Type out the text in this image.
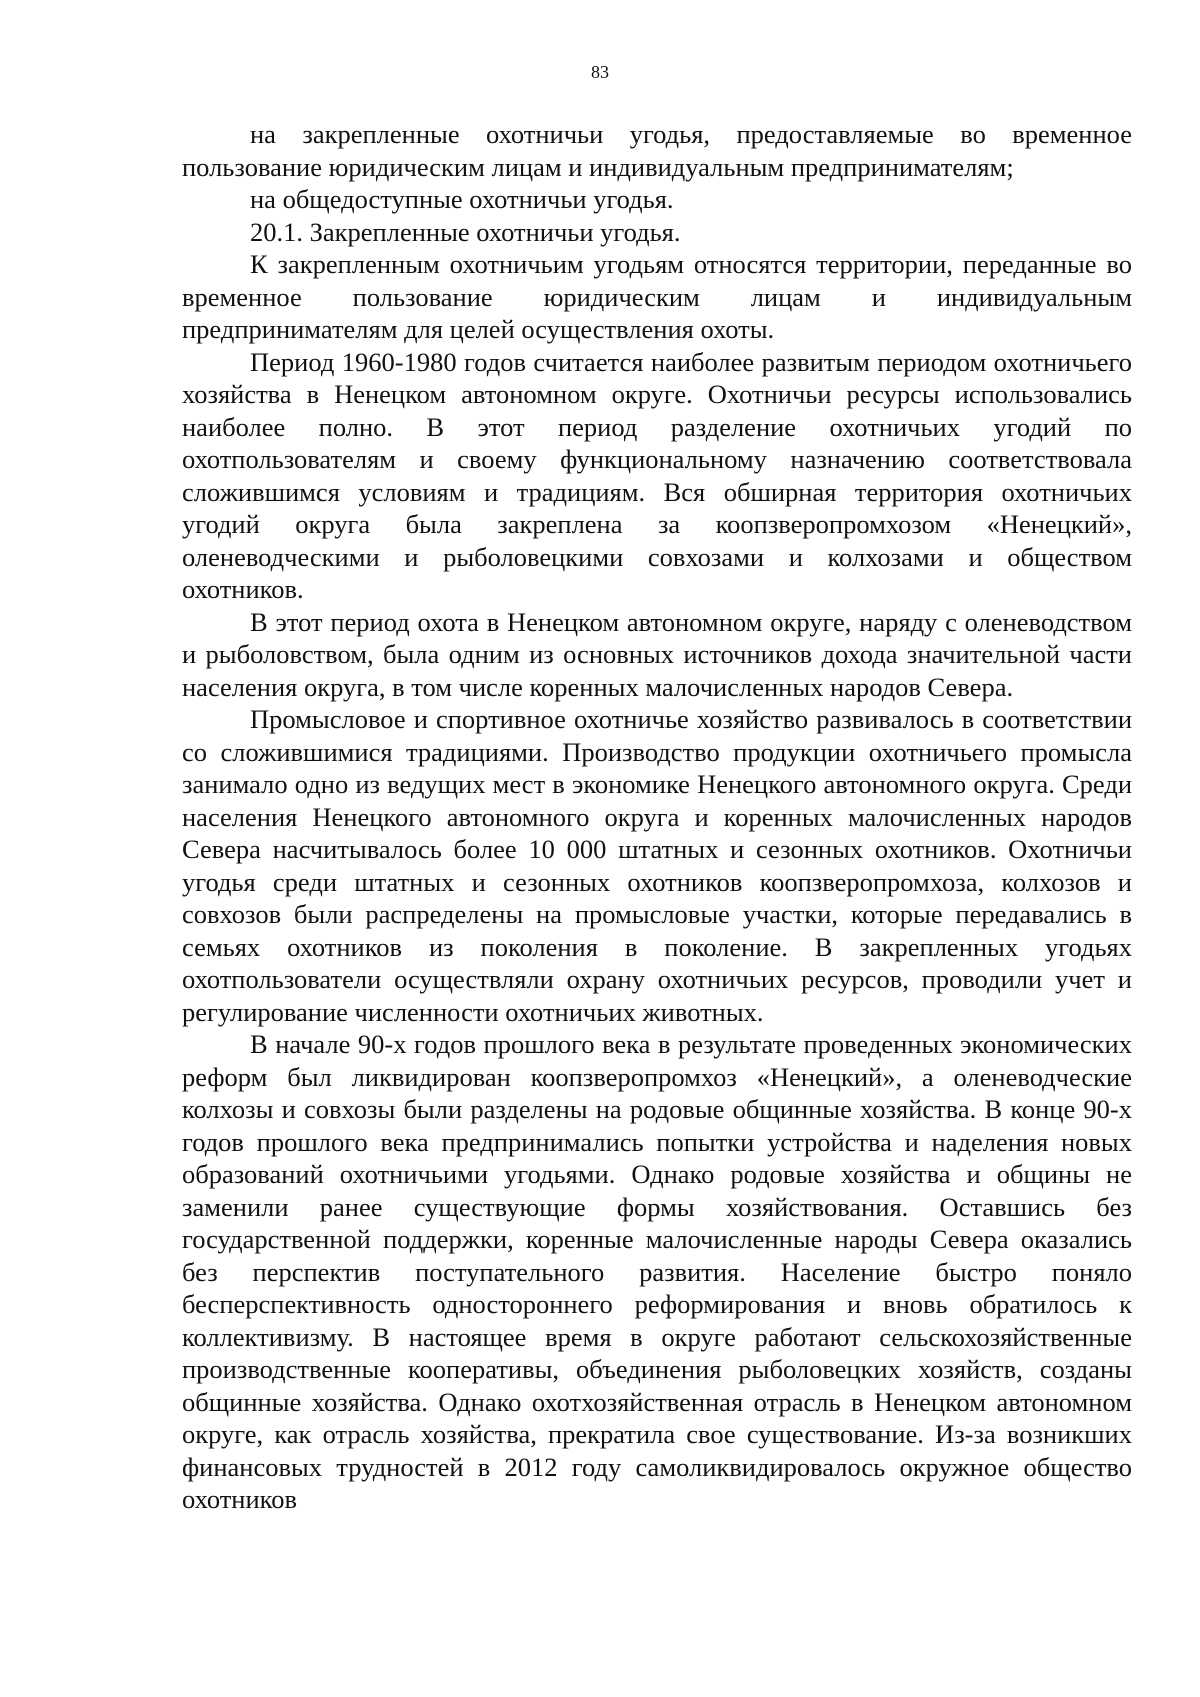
83

на закрепленные охотничьи угодья, предоставляемые во временное пользование юридическим лицам и индивидуальным предпринимателям;

на общедоступные охотничьи угодья.

20.1. Закрепленные охотничьи угодья.

К закрепленным охотничьим угодьям относятся территории, переданные во временное пользование юридическим лицам и индивидуальным предпринимателям для целей осуществления охоты.

Период 1960-1980 годов считается наиболее развитым периодом охотничьего хозяйства в Ненецком автономном округе. Охотничьи ресурсы использовались наиболее полно. В этот период разделение охотничьих угодий по охотпользователям и своему функциональному назначению соответствовала сложившимся условиям и традициям. Вся обширная территория охотничьих угодий округа была закреплена за коопзверопромхозом «Ненецкий», оленеводческими и рыболовецкими совхозами и колхозами и обществом охотников.

В этот период охота в Ненецком автономном округе, наряду с оленеводством и рыболовством, была одним из основных источников дохода значительной части населения округа, в том числе коренных малочисленных народов Севера.

Промысловое и спортивное охотничье хозяйство развивалось в соответствии со сложившимися традициями. Производство продукции охотничьего промысла занимало одно из ведущих мест в экономике Ненецкого автономного округа. Среди населения Ненецкого автономного округа и коренных малочисленных народов Севера насчитывалось более 10 000 штатных и сезонных охотников. Охотничьи угодья среди штатных и сезонных охотников коопзверопромхоза, колхозов и совхозов были распределены на промысловые участки, которые передавались в семьях охотников из поколения в поколение. В закрепленных угодьях охотпользователи осуществляли охрану охотничьих ресурсов, проводили учет и регулирование численности охотничьих животных.

В начале 90-х годов прошлого века в результате проведенных экономических реформ был ликвидирован коопзверопромхоз «Ненецкий», а оленеводческие колхозы и совхозы были разделены на родовые общинные хозяйства. В конце 90-х годов прошлого века предпринимались попытки устройства и наделения новых образований охотничьими угодьями. Однако родовые хозяйства и общины не заменили ранее существующие формы хозяйствования. Оставшись без государственной поддержки, коренные малочисленные народы Севера оказались без перспектив поступательного развития. Население быстро поняло бесперспективность одностороннего реформирования и вновь обратилось к коллективизму. В настоящее время в округе работают сельскохозяйственные производственные кооперативы, объединения рыболовецких хозяйств, созданы общинные хозяйства. Однако охотхозяйственная отрасль в Ненецком автономном округе, как отрасль хозяйства, прекратила свое существование. Из-за возникших финансовых трудностей в 2012 году самоликвидировалось окружное общество охотников
